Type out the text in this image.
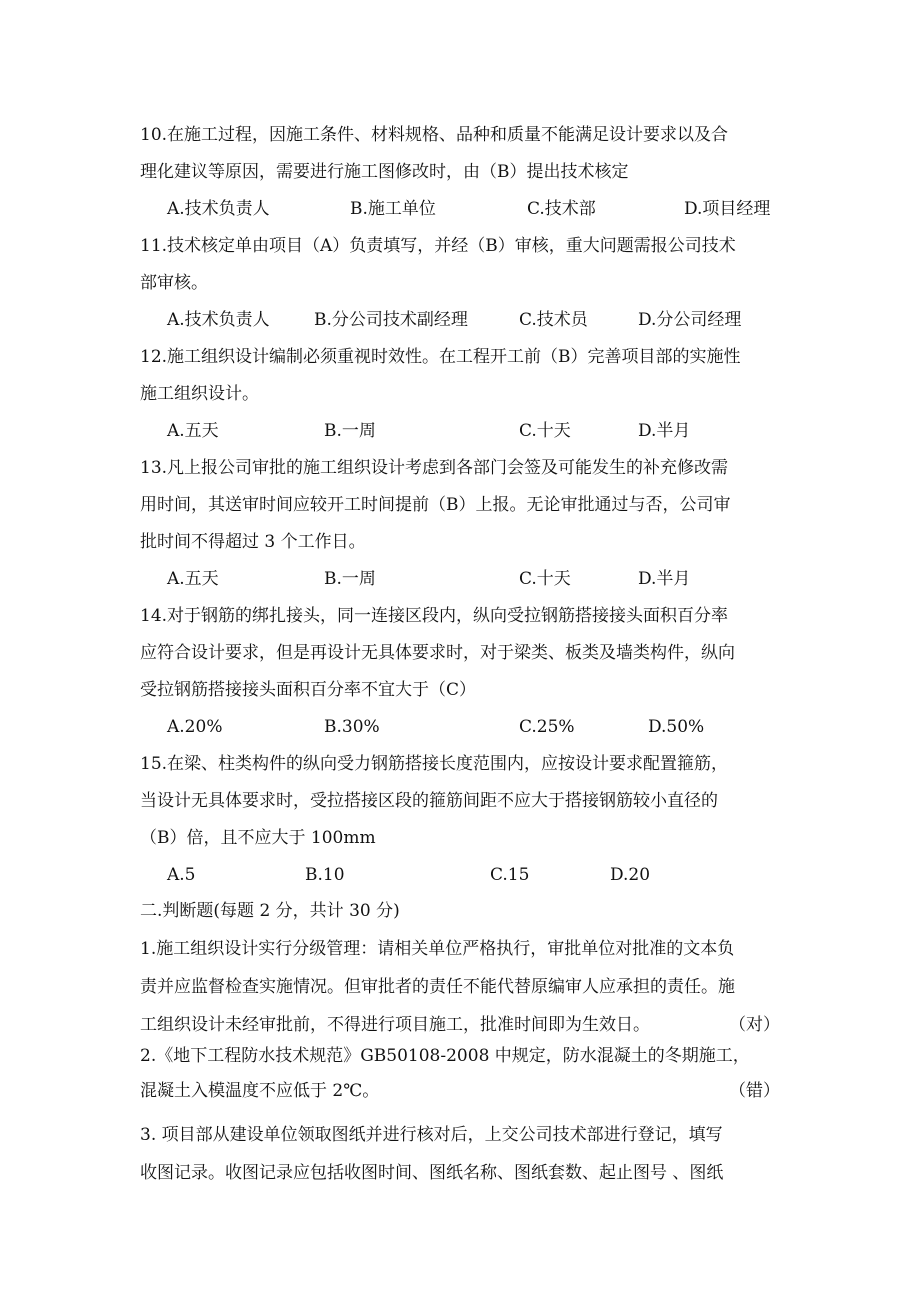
10.在施工过程，因施工条件、材料规格、品种和质量不能满足设计要求以及合
理化建议等原因，需要进行施工图修改时，由（B）提出技术核定
A.技术负责人	B.施工单位	C.技术部	D.项目经理
11.技术核定单由项目（A）负责填写，并经（B）审核，重大问题需报公司技术
部审核。
A.技术负责人	B.分公司技术副经理	C.技术员	D.分公司经理
12.施工组织设计编制必须重视时效性。在工程开工前（B）完善项目部的实施性
施工组织设计。
A.五天	B.一周	C.十天	D.半月
13.凡上报公司审批的施工组织设计考虑到各部门会签及可能发生的补充修改需
用时间，其送审时间应较开工时间提前（B）上报。无论审批通过与否，公司审
批时间不得超过 3 个工作日。
A.五天	B.一周	C.十天	D.半月
14.对于钢筋的绑扎接头，同一连接区段内，纵向受拉钢筋搭接接头面积百分率
应符合设计要求，但是再设计无具体要求时，对于梁类、板类及墙类构件，纵向
受拉钢筋搭接接头面积百分率不宜大于（C）
A.20%	B.30%	C.25%	D.50%
15.在梁、柱类构件的纵向受力钢筋搭接长度范围内，应按设计要求配置箍筋，
当设计无具体要求时，受拉搭接区段的箍筋间距不应大于搭接钢筋较小直径的
（B）倍，且不应大于 100mm
A.5	B.10	C.15	D.20
二.判断题(每题 2 分，共计 30 分)
1.施工组织设计实行分级管理：请相关单位严格执行，审批单位对批准的文本负
责并应监督检查实施情况。但审批者的责任不能代替原编审人应承担的责任。施
工组织设计未经审批前，不得进行项目施工，批准时间即为生效日。	（对）
2.《地下工程防水技术规范》GB50108-2008 中规定，防水混凝土的冬期施工，
混凝土入模温度不应低于 2℃。	（错）
3. 项目部从建设单位领取图纸并进行核对后，上交公司技术部进行登记，填写
收图记录。收图记录应包括收图时间、图纸名称、图纸套数、起止图号 、图纸
